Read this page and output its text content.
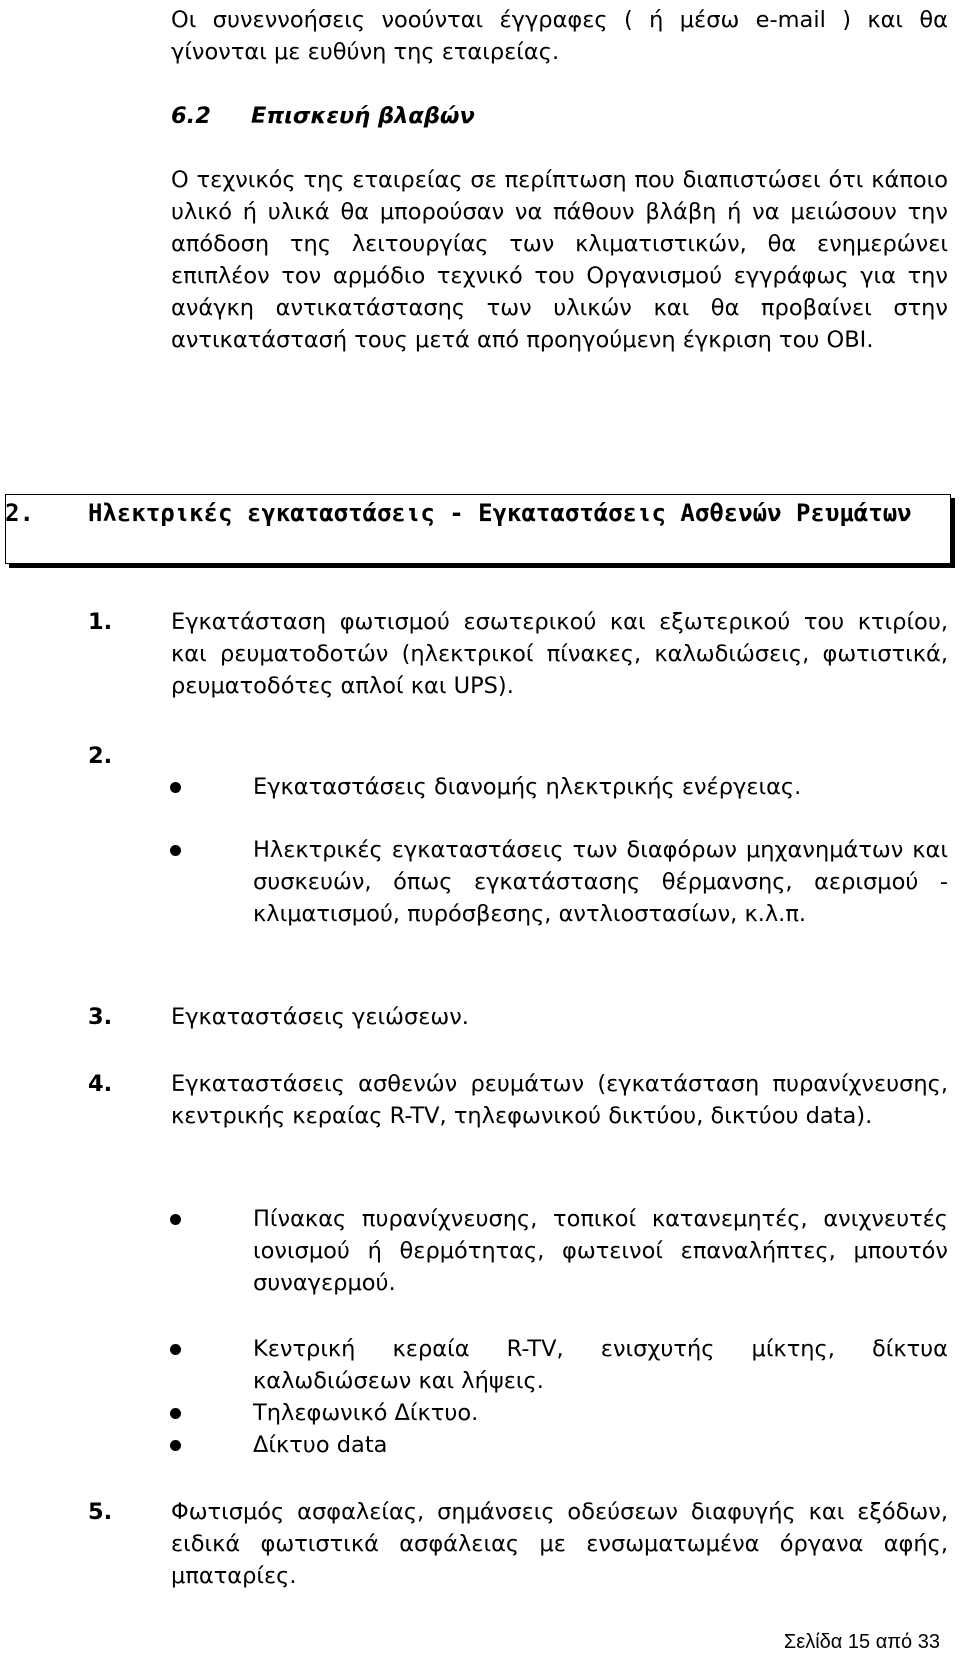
Οι συνεννοήσεις νοούνται έγγραφες ( ή μέσω e-mail ) και θα γίνονται με ευθύνη της εταιρείας.

6.2 Επισκευή βλαβών

Ο τεχνικός της εταιρείας σε περίπτωση που διαπιστώσει ότι κάποιο υλικό ή υλικά θα μπορούσαν να πάθουν βλάβη ή να μειώσουν την απόδοση της λειτουργίας των κλιματιστικών, θα ενημερώνει επιπλέον τον αρμόδιο τεχνικό του Οργανισμού εγγράφως για την ανάγκη αντικατάστασης των υλικών και θα προβαίνει στην αντικατάστασή τους μετά από προηγούμενη έγκριση του ΟΒΙ.

2. Ηλεκτρικές εγκαταστάσεις - Εγκαταστάσεις Ασθενών Ρευμάτων

1.	Εγκατάσταση φωτισμού εσωτερικού και εξωτερικού του κτιρίου, και ρευματοδοτών (ηλεκτρικοί πίνακες, καλωδιώσεις, φωτιστικά, ρευματοδότες απλοί και UPS).

2.

Εγκαταστάσεις διανομής ηλεκτρικής ενέργειας.

Ηλεκτρικές εγκαταστάσεις των διαφόρων μηχανημάτων και συσκευών, όπως εγκατάστασης θέρμανσης, αερισμού - κλιματισμού, πυρόσβεσης, αντλιοστασίων, κ.λ.π.

3.	Εγκαταστάσεις γειώσεων.

4.	Εγκαταστάσεις ασθενών ρευμάτων (εγκατάσταση πυρανίχνευσης, κεντρικής κεραίας R-TV, τηλεφωνικού δικτύου, δικτύου data).

Πίνακας πυρανίχνευσης, τοπικοί κατανεμητές, ανιχνευτές ιονισμού ή θερμότητας, φωτεινοί επαναλήπτες, μπουτόν συναγερμού.

Κεντρική κεραία R-TV, ενισχυτής μίκτης, δίκτυα καλωδιώσεων και λήψεις.

Τηλεφωνικό Δίκτυο.

Δίκτυο data

5.	Φωτισμός ασφαλείας, σημάνσεις οδεύσεων διαφυγής και εξόδων, ειδικά φωτιστικά ασφάλειας με ενσωματωμένα όργανα αφής, μπαταρίες.

Σελίδα 15 από 33
